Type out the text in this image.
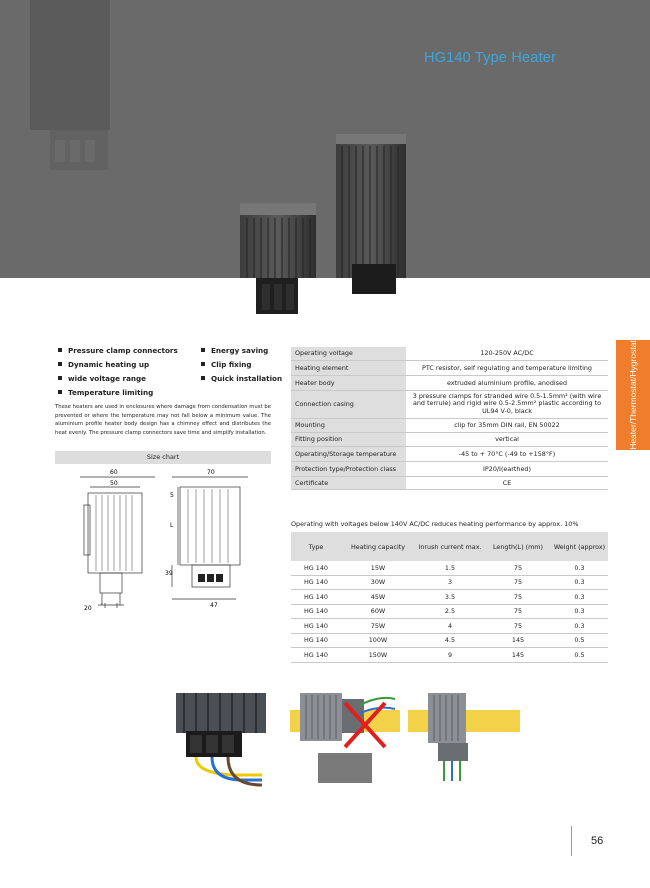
HG140 Type Heater
Heater/Thermostat/Hygrostat
Pressure clamp connectors
Dynamic heating up
wide voltage range
Temperature limiting
Energy saving
Clip fixing
Quick installation
These heaters are used in enclosures where damage from condensation must be prevented or where the temperature may not fall below a minimum value. The aluminium profile heater body design has a chimney effect and distributes the heat evenly. The pressure clamp connectors save time and simplify installation.
Size chart
60
50
70
5
L
39
20	47
Operating voltage	120-250V AC/DC
Heating element	PTC resistor, self regulating and temperature limiting
Heater body	extruded aluminium profile, anodised
Connection casing	3 pressure clamps for stranded wire 0.5-1.5mm² (with wire and terrule) and rigid wire 0.5-2.5mm² plastic according to UL94 V-0, black
Mounting	clip for 35mm DIN rail, EN 50022
Fitting position	vertical
Operating/Storage temperature	-45 to + 70°C (-49 to +158°F)
Protection type/Protection class	IP20/I(earthed)
Certificate	CE
Operating with voltages below 140V AC/DC reduces heating performance by approx. 10%
Type	Heating capacity	Inrush current max.	Length(L) (mm)	Weight (approx)
HG 140	15W	1.5	75	0.3
HG 140	30W	3	75	0.3
HG 140	45W	3.5	75	0.3
HG 140	60W	2.5	75	0.3
HG 140	75W	4	75	0.3
HG 140	100W	4.5	145	0.5
HG 140	150W	9	145	0.5
56
